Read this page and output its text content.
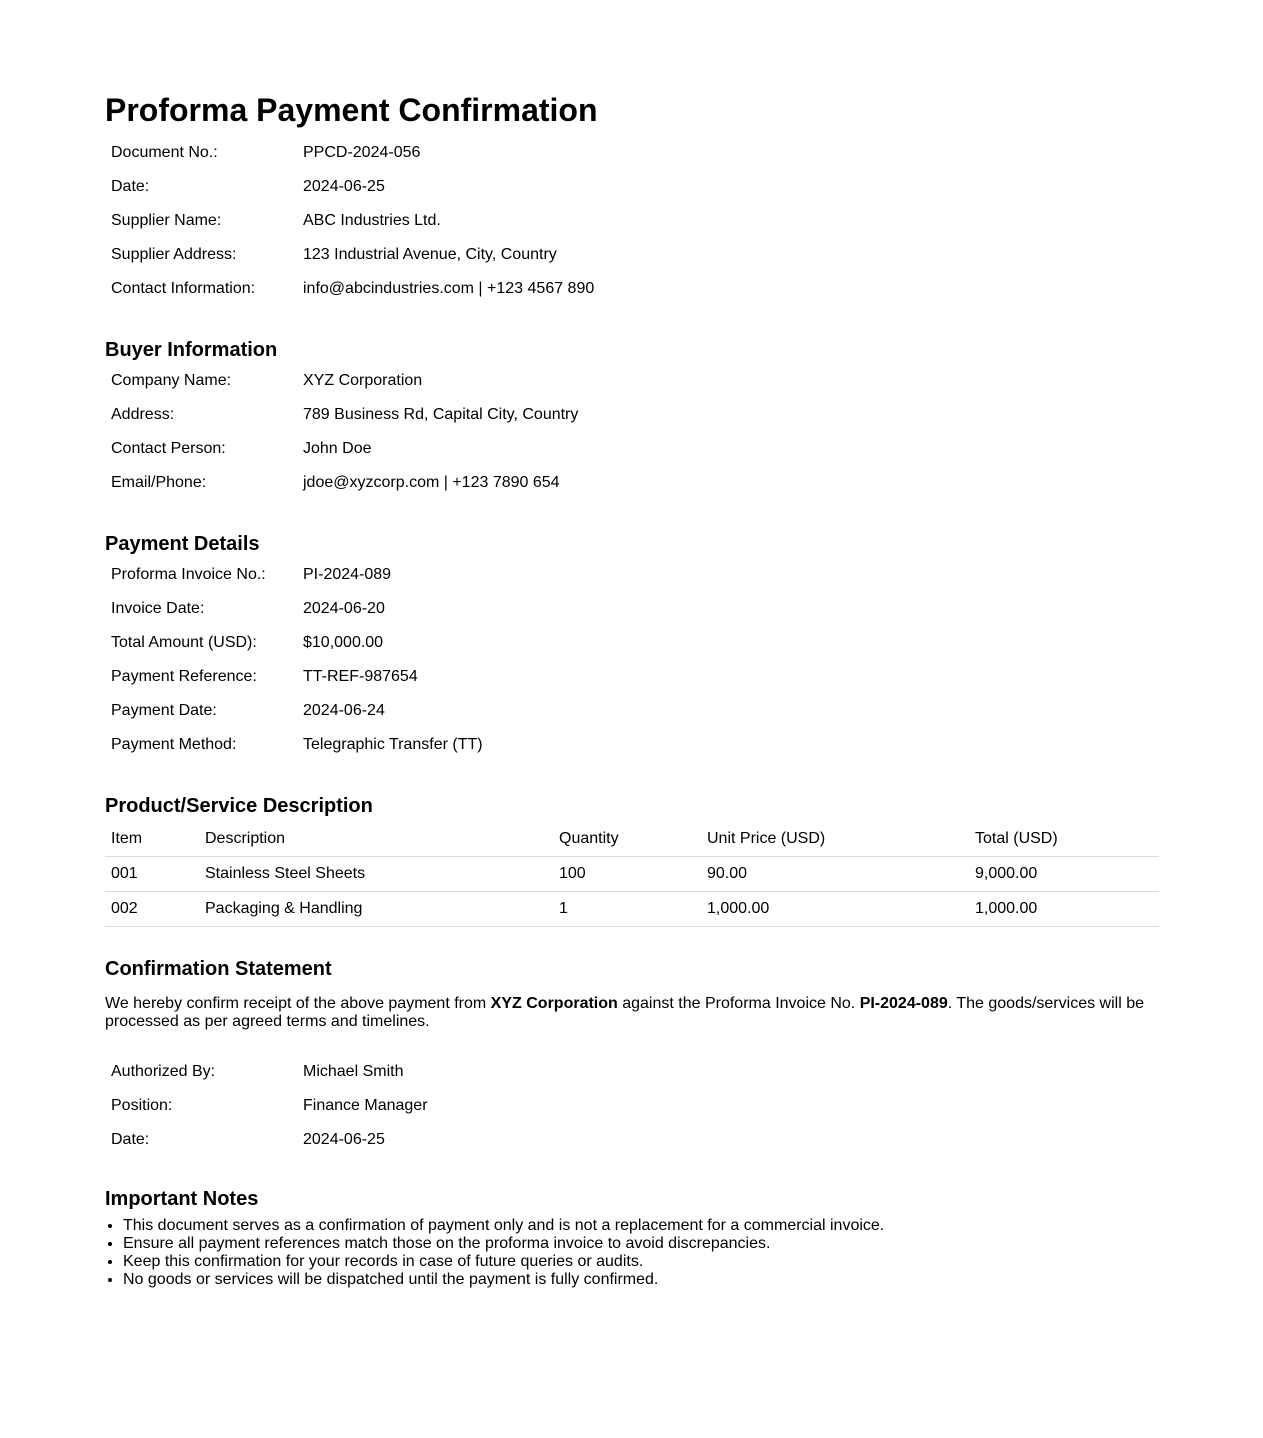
Proforma Payment Confirmation
Document No.:	PPCD-2024-056
Date:	2024-06-25
Supplier Name:	ABC Industries Ltd.
Supplier Address:	123 Industrial Avenue, City, Country
Contact Information:	info@abcindustries.com | +123 4567 890
Buyer Information
Company Name:	XYZ Corporation
Address:	789 Business Rd, Capital City, Country
Contact Person:	John Doe
Email/Phone:	jdoe@xyzcorp.com | +123 7890 654
Payment Details
Proforma Invoice No.:	PI-2024-089
Invoice Date:	2024-06-20
Total Amount (USD):	$10,000.00
Payment Reference:	TT-REF-987654
Payment Date:	2024-06-24
Payment Method:	Telegraphic Transfer (TT)
Product/Service Description
Item	Description	Quantity	Unit Price (USD)	Total (USD)
001	Stainless Steel Sheets	100	90.00	9,000.00
002	Packaging & Handling	1	1,000.00	1,000.00
Confirmation Statement

We hereby confirm receipt of the above payment from XYZ Corporation against the Proforma Invoice No. PI-2024-089. The goods/services will be processed as per agreed terms and timelines.

Authorized By:	Michael Smith
Position:	Finance Manager
Date:	2024-06-25
Important Notes
• This document serves as a confirmation of payment only and is not a replacement for a commercial invoice.
• Ensure all payment references match those on the proforma invoice to avoid discrepancies.
• Keep this confirmation for your records in case of future queries or audits.
• No goods or services will be dispatched until the payment is fully confirmed.
